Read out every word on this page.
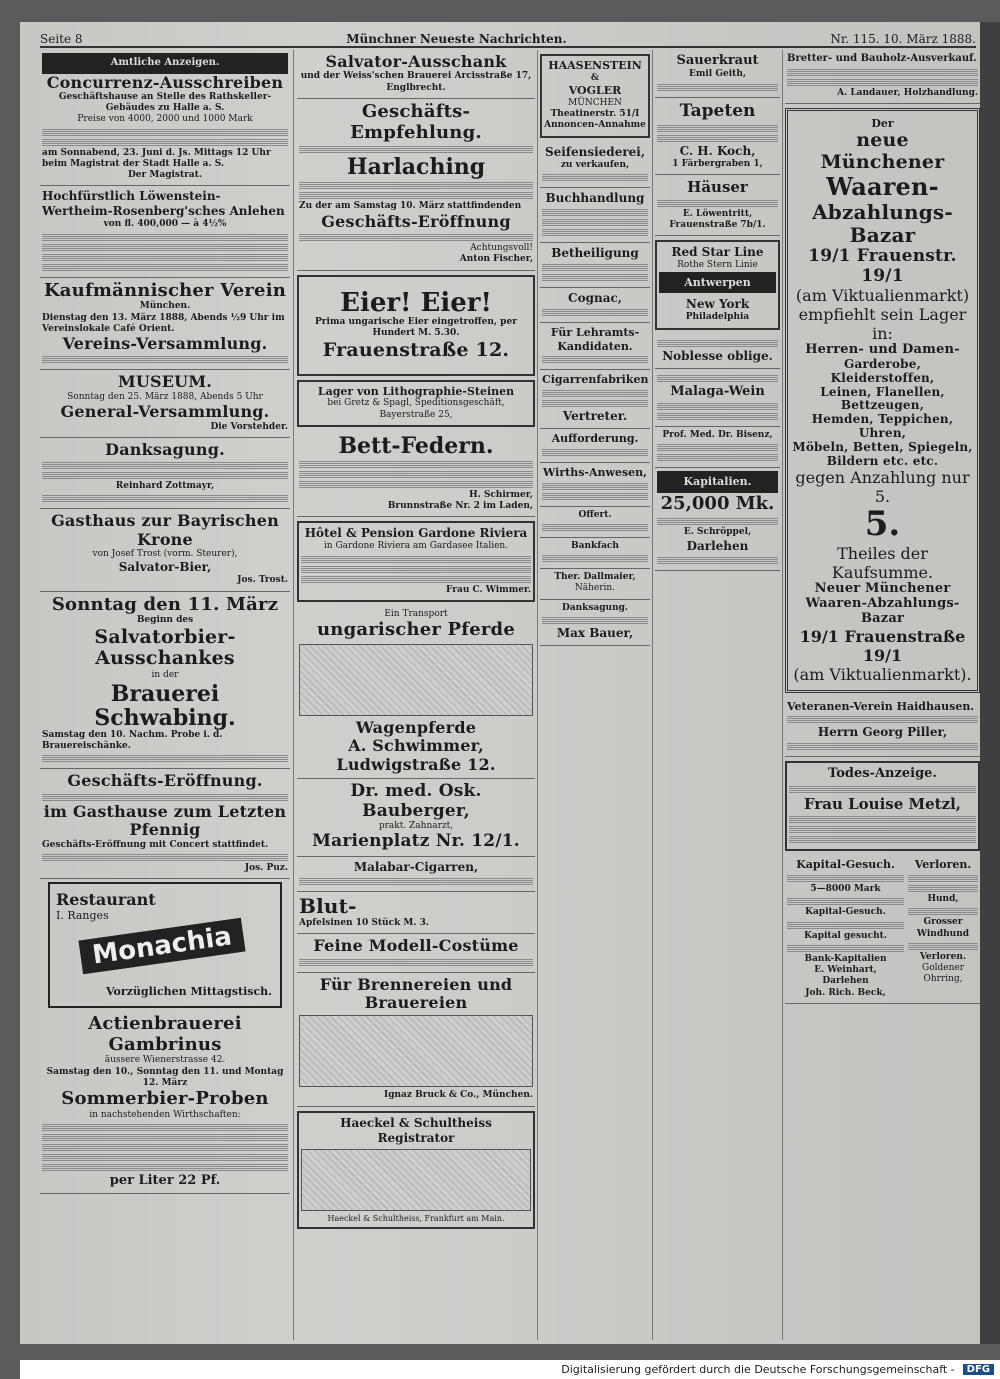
Seite 8	Münchner Neueste Nachrichten.	Nr. 115. 10. März 1888.
Amtliche Anzeigen.
Concurrenz-Ausschreiben
Geschäftshause an Stelle des Rathskeller-Gebäudes zu Halle a. S.
Preise von 4000, 2000 und 1000 Mark
am Sonnabend, 23. Juni d. Js. Mittags 12 Uhr beim Magistrat der Stadt Halle a. S.
Der Magistrat.
Hochfürstlich Löwenstein-Wertheim-Rosenberg'sches Anlehen
von fl. 400,000 — à 4½%
Kaufmännischer Verein
München.
Dienstag den 13. März 1888, Abends ½9 Uhr im Vereinslokale Café Orient.
Vereins-Versammlung.
MUSEUM.
Sonntag den 25. März 1888, Abends 5 Uhr
General-Versammlung.
Die Vorstehder.
Danksagung.
Reinhard Zottmayr,
Gasthaus zur Bayrischen Krone
von Josef Trost (vorm. Steurer),
Salvator-Bier,
Jos. Trost.
Sonntag den 11. März
Beginn des
Salvatorbier-Ausschankes
in der
Brauerei Schwabing.
Samstag den 10. Nachm. Probe i. d. Brauereischänke.
Geschäfts-Eröffnung.
im Gasthause zum Letzten Pfennig
Geschäfts-Eröffnung mit Concert stattfindet.
Jos. Puz.
Restaurant
I. Ranges
Monachia
Vorzüglichen Mittagstisch.
Actienbrauerei Gambrinus
äussere Wienerstrasse 42.
Samstag den 10., Sonntag den 11. und Montag 12. März
Sommerbier-Proben
in nachstehenden Wirthschaften:
per Liter 22 Pf.
Salvator-Ausschank
und der Weiss'schen Brauerei Arcisstraße 17, Englbrecht.
Geschäfts-Empfehlung.
Harlaching
Zu der am Samstag 10. März stattfindenden
Geschäfts-Eröffnung
Achtungsvoll!
Anton Fischer,
Eier! Eier!
Prima ungarische Eier eingetroffen, per Hundert M. 5.30.
Frauenstraße 12.
Lager von Lithographie-Steinen
bei Gretz & Spagl, Speditionsgeschäft, Bayerstraße 25,
Bett-Federn.
H. Schirmer,
Brunnstraße Nr. 2 im Laden,
Hôtel & Pension Gardone Riviera
in Gardone Riviera am Gardasee Italien.
Frau C. Wimmer.
Ein Transport
ungarischer Pferde
Wagenpferde
A. Schwimmer, Ludwigstraße 12.
Dr. med. Osk. Bauberger,
prakt. Zahnarzt,
Marienplatz Nr. 12/1.
Malabar-Cigarren,
Blut-
Apfelsinen 10 Stück M. 3.
Feine Modell-Costüme
Für Brennereien und Brauereien
Ignaz Bruck & Co., München.
Haeckel & Schultheiss Registrator
Haeckel & Schultheiss, Frankfurt am Main.
HAASENSTEIN
&
VOGLER
MÜNCHEN
Theatinerstr. 51/I
Annoncen-Annahme
Seifensiederei,
zu verkaufen,
Buchhandlung
Betheiligung
Cognac,
Für Lehramts-Kandidaten.
Cigarrenfabriken
Vertreter.
Aufforderung.
Wirths-Anwesen,
Offert.
Bankfach
Ther. Dallmaier,
Näherin.
Danksagung.
Max Bauer,
Sauerkraut
Emil Geith,
Tapeten
C. H. Koch,
1 Färbergraben 1,
Häuser
E. Löwentritt,
Frauenstraße 7b/1.
Red Star Line
Rothe Stern Linie
Antwerpen
New York
Philadelphia
Noblesse oblige.
Malaga-Wein
Prof. Med. Dr. Bisenz,
Kapitalien.
25,000 Mk.
E. Schröppel,
Darlehen
Bretter- und Bauholz-Ausverkauf.
A. Landauer, Holzhandlung.
Der
neue Münchener
Waaren-
Abzahlungs-Bazar
19/1 Frauenstr. 19/1
(am Viktualienmarkt)
empfiehlt sein Lager in:
Herren- und Damen-
Garderobe, Kleiderstoffen,
Leinen, Flanellen, Bettzeugen,
Hemden, Teppichen, Uhren,
Möbeln, Betten, Spiegeln,
Bildern etc. etc.
gegen Anzahlung nur 5.
5.
Theiles der Kaufsumme.
Neuer Münchener Waaren-Abzahlungs-Bazar
19/1 Frauenstraße 19/1
(am Viktualienmarkt).
Veteranen-Verein Haidhausen.
Herrn Georg Piller,
Todes-Anzeige.
Frau Louise Metzl,
Kapital-Gesuch.
5—8000 Mark
Kapital-Gesuch.
Kapital gesucht.
Bank-Kapitalien
E. Weinhart,
Darlehen
Joh. Rich. Beck,
Verloren.
Hund,
Grosser Windhund
Verloren.
Goldener Ohrring,
Digitalisierung gefördert durch die Deutsche Forschungsgemeinschaft -	DFG
